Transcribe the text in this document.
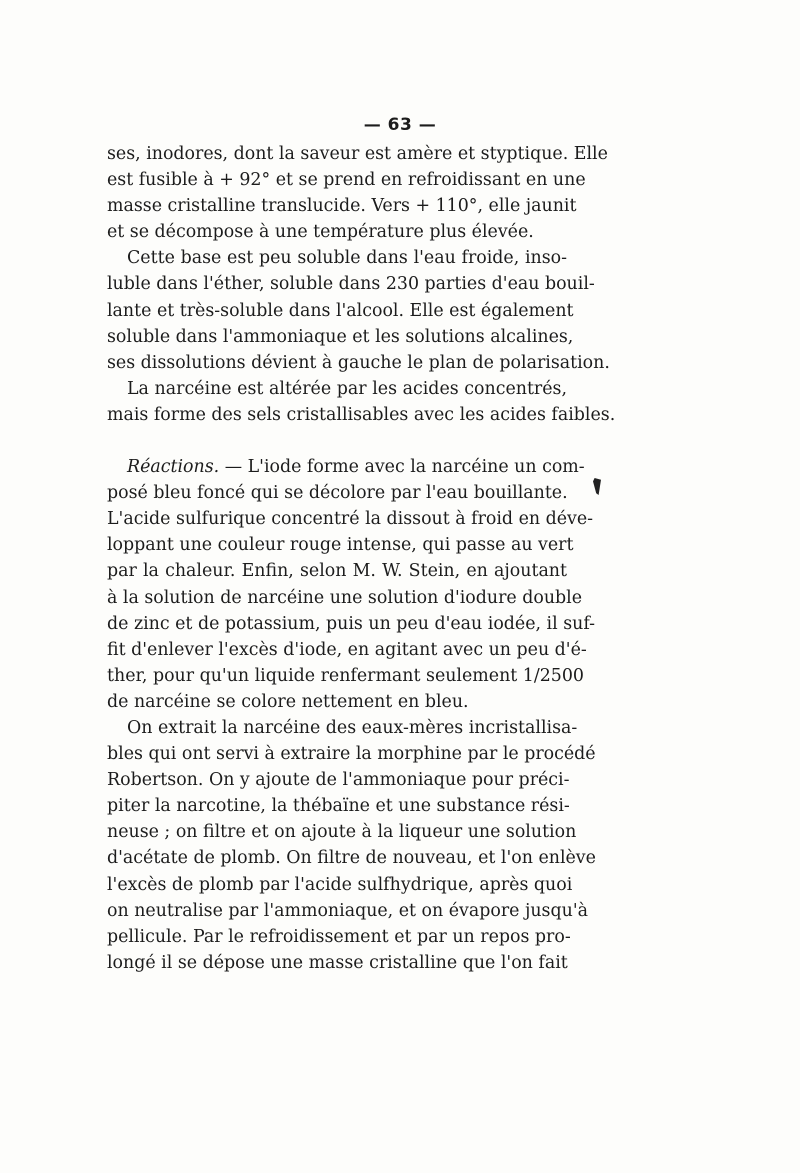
— 63 —
ses, inodores, dont la saveur est amère et styptique. Elle
est fusible à + 92° et se prend en refroidissant en une
masse cristalline translucide. Vers + 110°, elle jaunit
et se décompose à une température plus élevée.
Cette base est peu soluble dans l'eau froide, inso-
luble dans l'éther, soluble dans 230 parties d'eau bouil-
lante et très-soluble dans l'alcool. Elle est également
soluble dans l'ammoniaque et les solutions alcalines,
ses dissolutions dévient à gauche le plan de polarisation.
La narcéine est altérée par les acides concentrés,
mais forme des sels cristallisables avec les acides faibles.
Réactions. — L'iode forme avec la narcéine un com-
posé bleu foncé qui se décolore par l'eau bouillante.
L'acide sulfurique concentré la dissout à froid en déve-
loppant une couleur rouge intense, qui passe au vert
par la chaleur. Enfin, selon M. W. Stein, en ajoutant
à la solution de narcéine une solution d'iodure double
de zinc et de potassium, puis un peu d'eau iodée, il suf-
fit d'enlever l'excès d'iode, en agitant avec un peu d'é-
ther, pour qu'un liquide renfermant seulement 1/2500
de narcéine se colore nettement en bleu.
On extrait la narcéine des eaux-mères incristallisa-
bles qui ont servi à extraire la morphine par le procédé
Robertson. On y ajoute de l'ammoniaque pour préci-
piter la narcotine, la thébaïne et une substance rési-
neuse ; on filtre et on ajoute à la liqueur une solution
d'acétate de plomb. On filtre de nouveau, et l'on enlève
l'excès de plomb par l'acide sulfhydrique, après quoi
on neutralise par l'ammoniaque, et on évapore jusqu'à
pellicule. Par le refroidissement et par un repos pro-
longé il se dépose une masse cristalline que l'on fait
